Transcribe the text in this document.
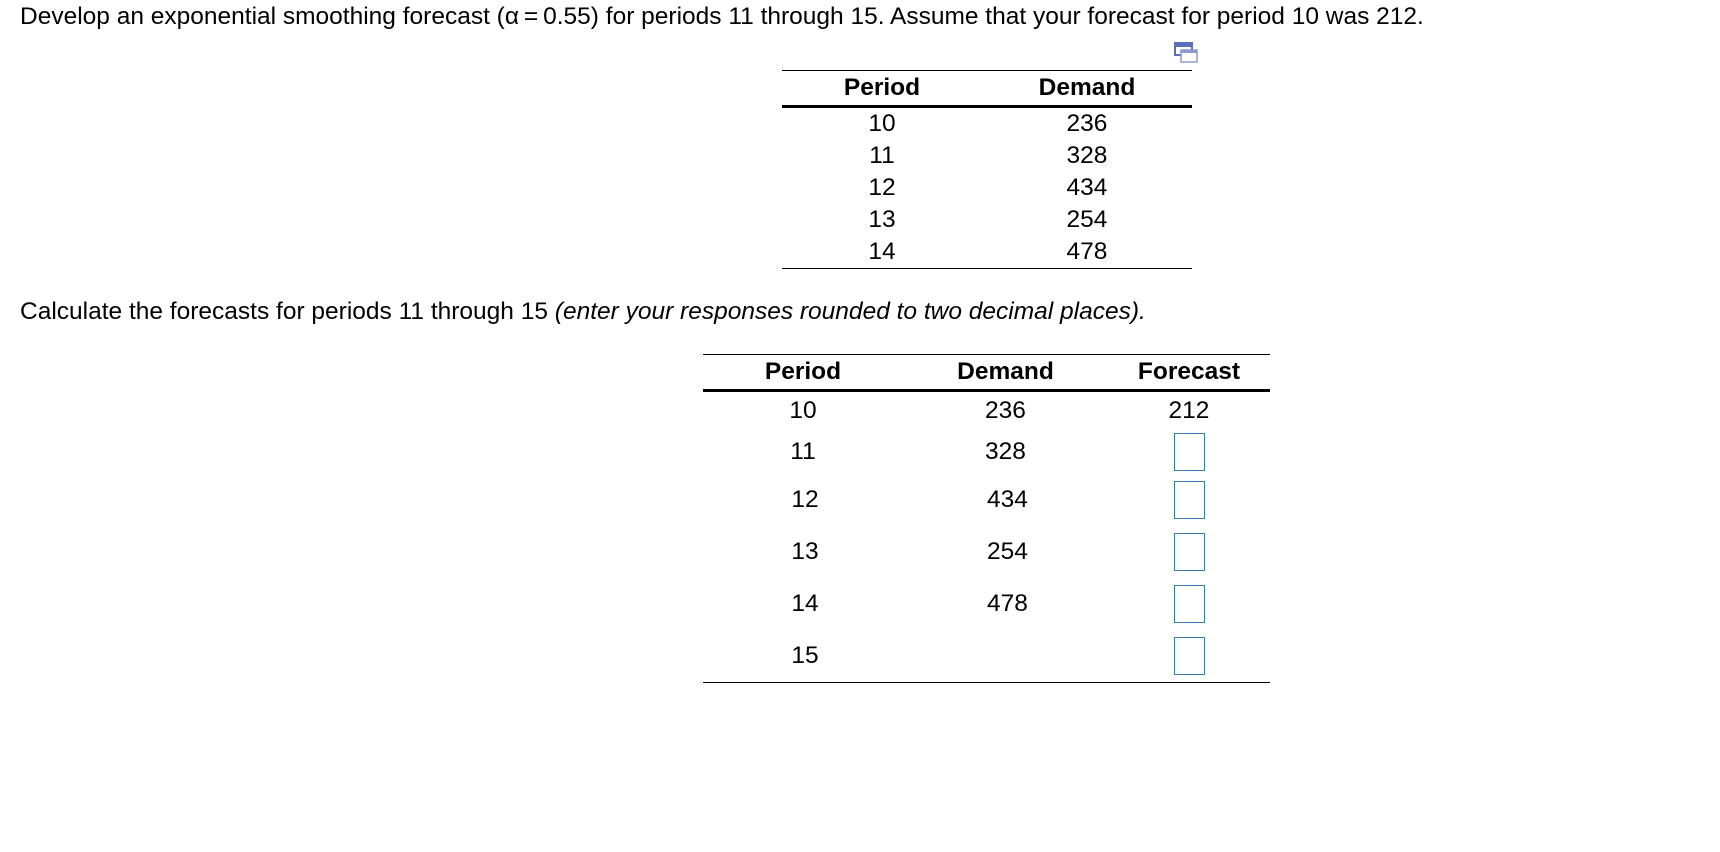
Develop an exponential smoothing forecast (α = 0.55) for periods 11 through 15. Assume that your forecast for period 10 was 212.
Period	Demand
10	236
11	328
12	434
13	254
14	478
Calculate the forecasts for periods 11 through 15 (enter your responses rounded to two decimal places).
Period	Demand	Forecast
10	236	212
11	328	
12	434	
13	254	
14	478	
15		
